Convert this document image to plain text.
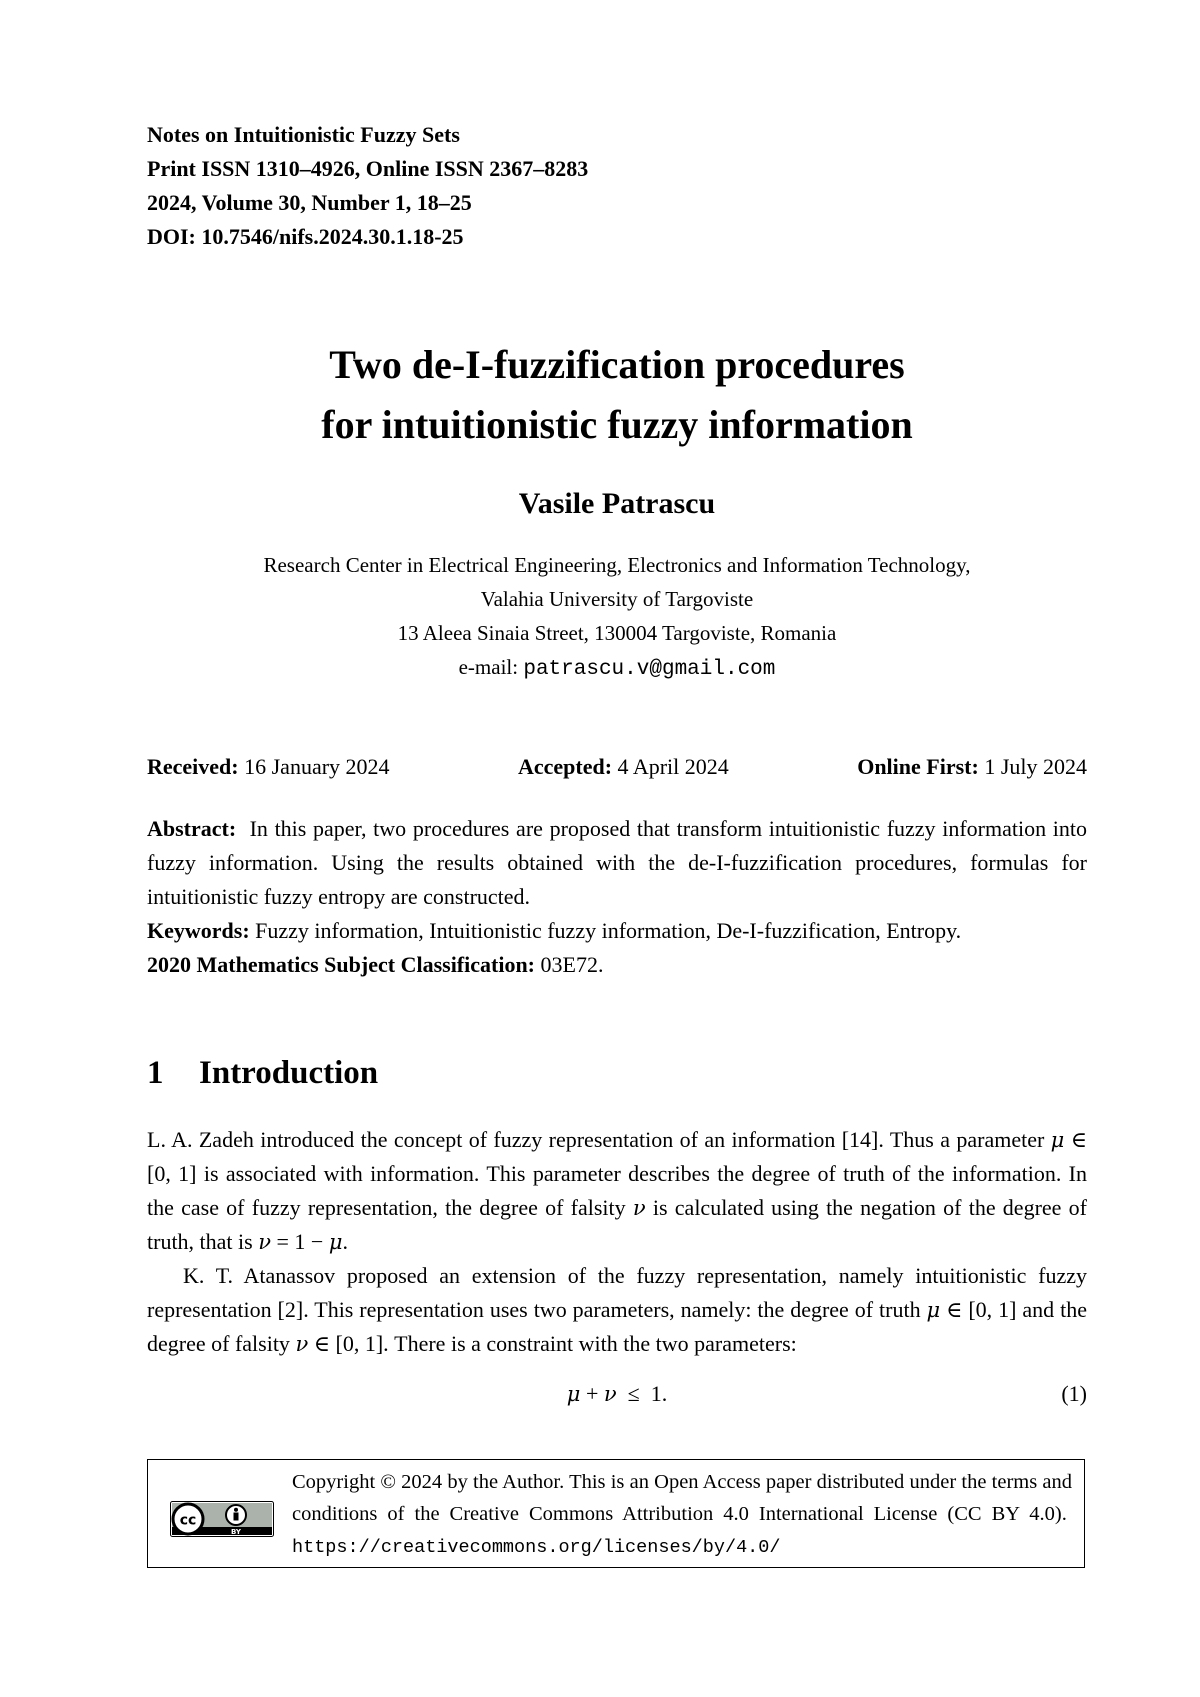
Notes on Intuitionistic Fuzzy Sets
Print ISSN 1310–4926, Online ISSN 2367–8283
2024, Volume 30, Number 1, 18–25
DOI: 10.7546/nifs.2024.30.1.18-25
Two de-I-fuzzification procedures
for intuitionistic fuzzy information
Vasile Patrascu
Research Center in Electrical Engineering, Electronics and Information Technology,
Valahia University of Targoviste
13 Aleea Sinaia Street, 130004 Targoviste, Romania
e-mail: patrascu.v@gmail.com
Received: 16 January 2024	Accepted: 4 April 2024	Online First: 1 July 2024
Abstract: In this paper, two procedures are proposed that transform intuitionistic fuzzy information into fuzzy information. Using the results obtained with the de-I-fuzzification procedures, formulas for intuitionistic fuzzy entropy are constructed.
Keywords: Fuzzy information, Intuitionistic fuzzy information, De-I-fuzzification, Entropy.
2020 Mathematics Subject Classification: 03E72.
1 Introduction
L. A. Zadeh introduced the concept of fuzzy representation of an information [14]. Thus a parameter μ ∈ [0, 1] is associated with information. This parameter describes the degree of truth of the information. In the case of fuzzy representation, the degree of falsity ν is calculated using the negation of the degree of truth, that is ν = 1 − μ.
K. T. Atanassov proposed an extension of the fuzzy representation, namely intuitionistic fuzzy representation [2]. This representation uses two parameters, namely: the degree of truth μ ∈ [0, 1] and the degree of falsity ν ∈ [0, 1]. There is a constraint with the two parameters:
μ + ν  ≤  1.	(1)
cc
BY
Copyright © 2024 by the Author. This is an Open Access paper distributed under the terms and conditions of the Creative Commons Attribution 4.0 International License (CC BY 4.0).  https://creativecommons.org/licenses/by/4.0/
